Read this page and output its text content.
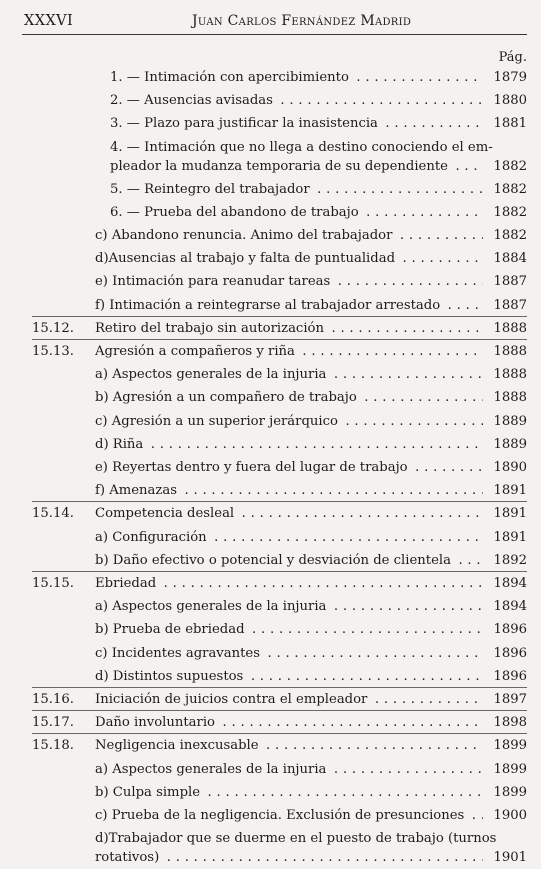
XXXVI	Juan Carlos Fernández Madrid
Pág.
1. — Intimación con apercibimiento . . .	1879
2. — Ausencias avisadas . . .	1880
3. — Plazo para justificar la inasistencia . . .	1881
4. — Intimación que no llega a destino conociendo el em-
pleador la mudanza temporaria de su dependiente . . .	1882
5. — Reintegro del trabajador . . .	1882
6. — Prueba del abandono de trabajo . . .	1882
c) Abandono renuncia. Animo del trabajador . . .	1882
d)Ausencias al trabajo y falta de puntualidad . . .	1884
e) Intimación para reanudar tareas . . .	1887
f) Intimación a reintegrarse al trabajador arrestado . . .	1887
15.12. Retiro del trabajo sin autorización . . .	1888
15.13. Agresión a compañeros y riña . . .	1888
a) Aspectos generales de la injuria . . .	1888
b) Agresión a un compañero de trabajo . . .	1888
c) Agresión a un superior jerárquico . . .	1889
d) Riña . . .	1889
e) Reyertas dentro y fuera del lugar de trabajo . . .	1890
f) Amenazas . . .	1891
15.14. Competencia desleal . . .	1891
a) Configuración . . .	1891
b) Daño efectivo o potencial y desviación de clientela . . .	1892
15.15. Ebriedad . . .	1894
a) Aspectos generales de la injuria . . .	1894
b) Prueba de ebriedad . . .	1896
c) Incidentes agravantes . . .	1896
d) Distintos supuestos . . .	1896
15.16. Iniciación de juicios contra el empleador . . .	1897
15.17. Daño involuntario . . .	1898
15.18. Negligencia inexcusable . . .	1899
a) Aspectos generales de la injuria . . .	1899
b) Culpa simple . . .	1899
c) Prueba de la negligencia. Exclusión de presunciones . . .	1900
d)Trabajador que se duerme en el puesto de trabajo (turnos
rotativos) . . .	1901
